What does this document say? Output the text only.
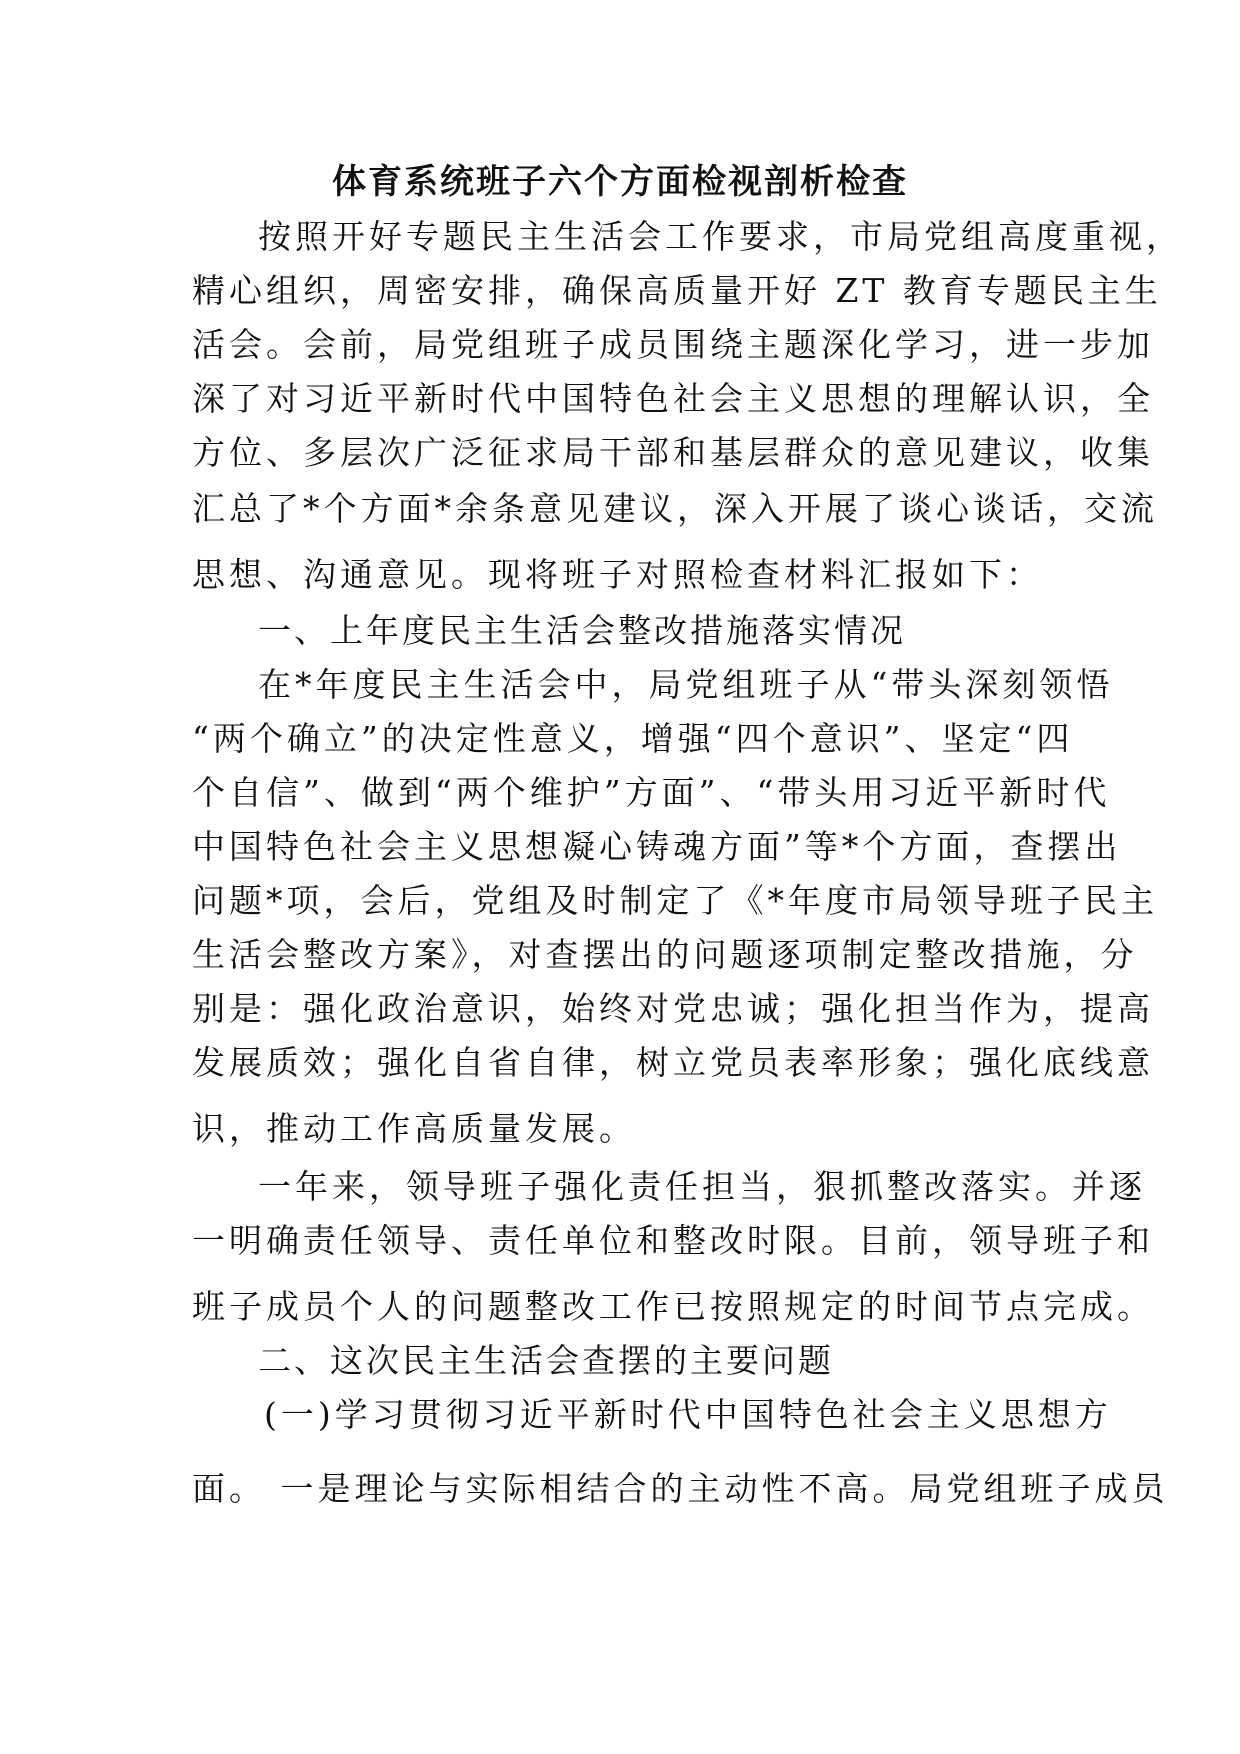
体育系统班子六个方面检视剖析检查
按照开好专题民主生活会工作要求，市局党组高度重视，
精心组织，周密安排，确保高质量开好 ZT 教育专题民主生
活会。会前，局党组班子成员围绕主题深化学习，进一步加
深了对习近平新时代中国特色社会主义思想的理解认识，全
方位、多层次广泛征求局干部和基层群众的意见建议，收集
汇总了*个方面*余条意见建议，深入开展了谈心谈话，交流
思想、沟通意见。现将班子对照检查材料汇报如下：
一、上年度民主生活会整改措施落实情况
在*年度民主生活会中，局党组班子从“带头深刻领悟
“两个确立”的决定性意义，增强“四个意识”、坚定“四
个自信”、做到“两个维护”方面”、“带头用习近平新时代
中国特色社会主义思想凝心铸魂方面”等*个方面，查摆出
问题*项，会后，党组及时制定了《*年度市局领导班子民主
生活会整改方案》，对查摆出的问题逐项制定整改措施，分
别是：强化政治意识，始终对党忠诚；强化担当作为，提高
发展质效；强化自省自律，树立党员表率形象；强化底线意
识，推动工作高质量发展。
一年来，领导班子强化责任担当，狠抓整改落实。并逐
一明确责任领导、责任单位和整改时限。目前，领导班子和
班子成员个人的问题整改工作已按照规定的时间节点完成。
二、这次民主生活会查摆的主要问题
(一)学习贯彻习近平新时代中国特色社会主义思想方
面。 一是理论与实际相结合的主动性不高。局党组班子成员
